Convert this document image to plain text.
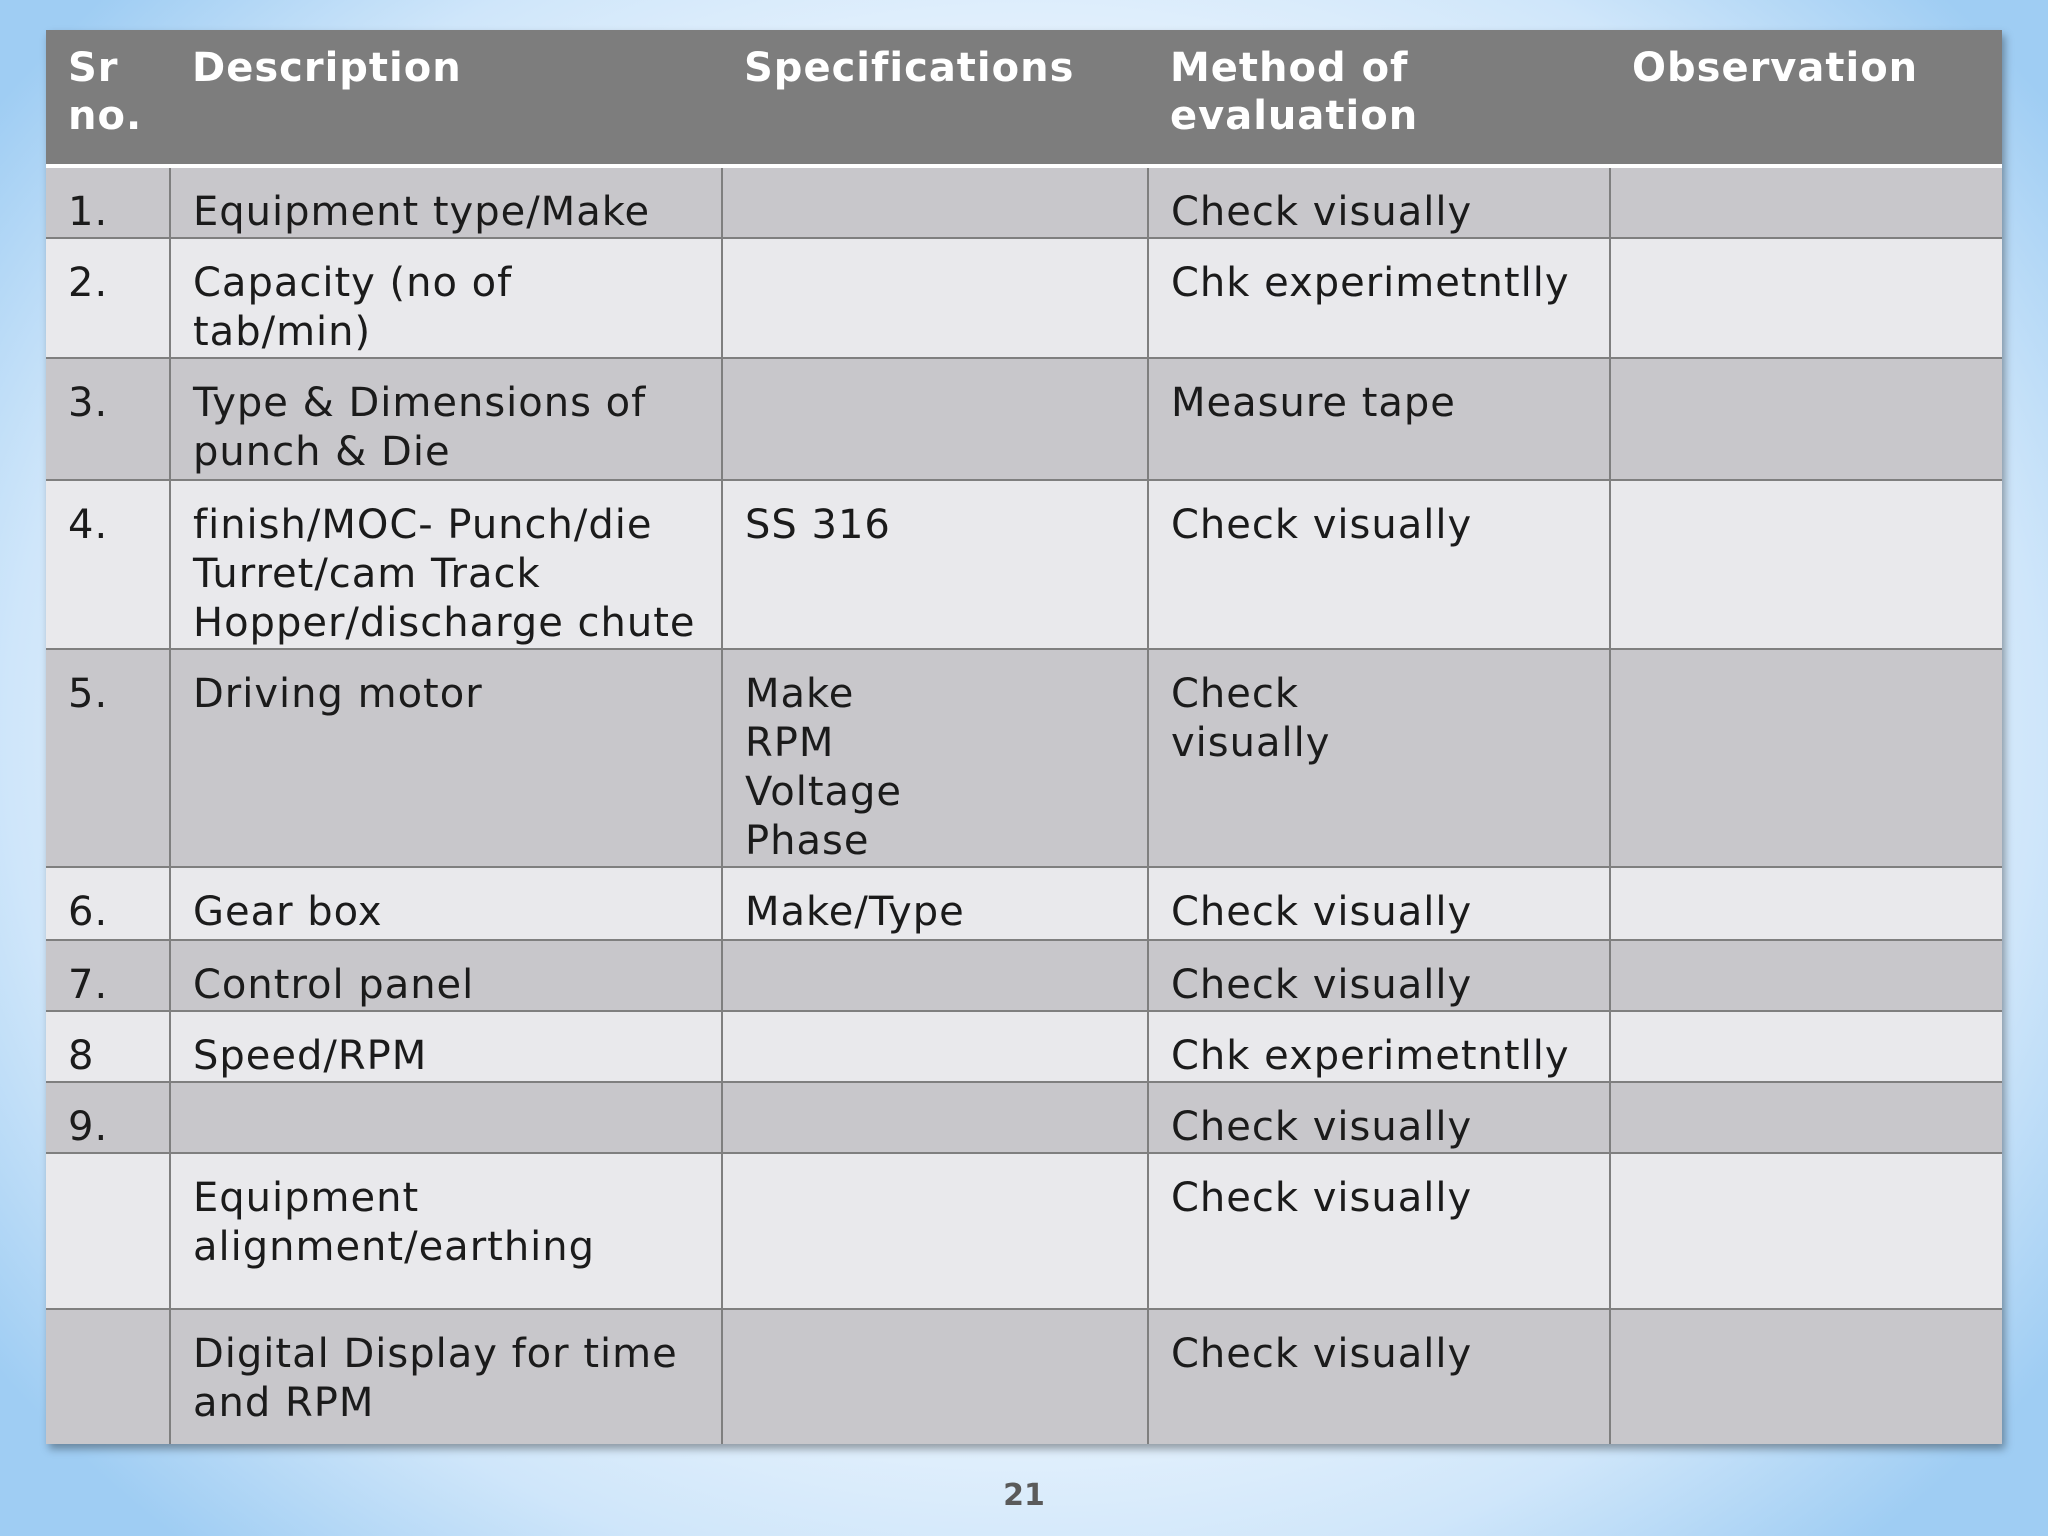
Sr
no.	Description	Specifications	Method of
evaluation	Observation
1.	Equipment type/Make		Check visually	
2.	Capacity (no of
tab/min)		Chk experimetntlly	
3.	Type & Dimensions of
punch & Die		Measure tape	
4.	finish/MOC- Punch/die
Turret/cam Track
Hopper/discharge chute	SS 316	Check visually	
5.	Driving motor	Make
RPM
Voltage
Phase	Check
visually	
6.	Gear box	Make/Type	Check visually	
7.	Control panel		Check visually	
8	Speed/RPM		Chk experimetntlly	
9.			Check visually	
	Equipment
alignment/earthing		Check visually	
	Digital Display for time
and RPM		Check visually	
21
